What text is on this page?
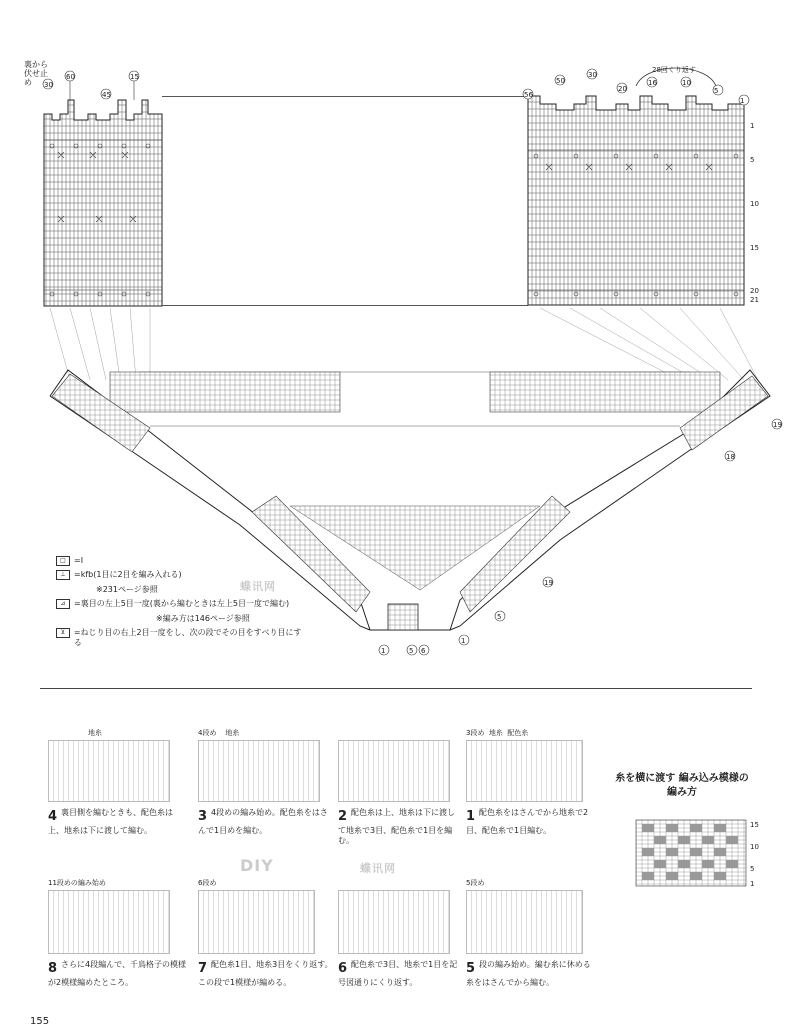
裏から 伏せ止め
60
45
15
30
28回くり返す
56
50
30
20
16	10
5
1
1
5
10
15
20
21
19
18
19
5
1
1	5 6
□	=Ⅰ
⊥	=kfb(1目に2目を編み入れる)
※231ページ参照
⊿	=裏目の左上5目一度(裏から編むときは左上5目一度で編む)
※編み方は146ページ参照
⊻	=ねじり目の右上2目一度をし、次の段でその目をすべり目にする
蝶讯网
地糸
4 裏目側を編むときも、配色糸は上、地糸は下に渡して編む。
4段め 地糸
3 4段めの編み始め。配色糸をはさんで1目めを編む。
2 配色糸は上、地糸は下に渡して地糸で3目、配色糸で1目を編む。
3段め 地糸 配色糸
1 配色糸をはさんでから地糸で2目、配色糸で1目編む。
糸を横に渡す 編み込み模様の編み方
15
10
5
1
DIY	蝶讯网
11段めの編み始め
8 さらに4段編んで、千鳥格子の模様が2模様編めたところ。
6段め
7 配色糸1目、地糸3目をくり返す。この段で1模様が編める。
6 配色糸で3目、地糸で1目を記号図通りにくり返す。
5段め
5 段の編み始め。編む糸に休める糸をはさんでから編む。
155
